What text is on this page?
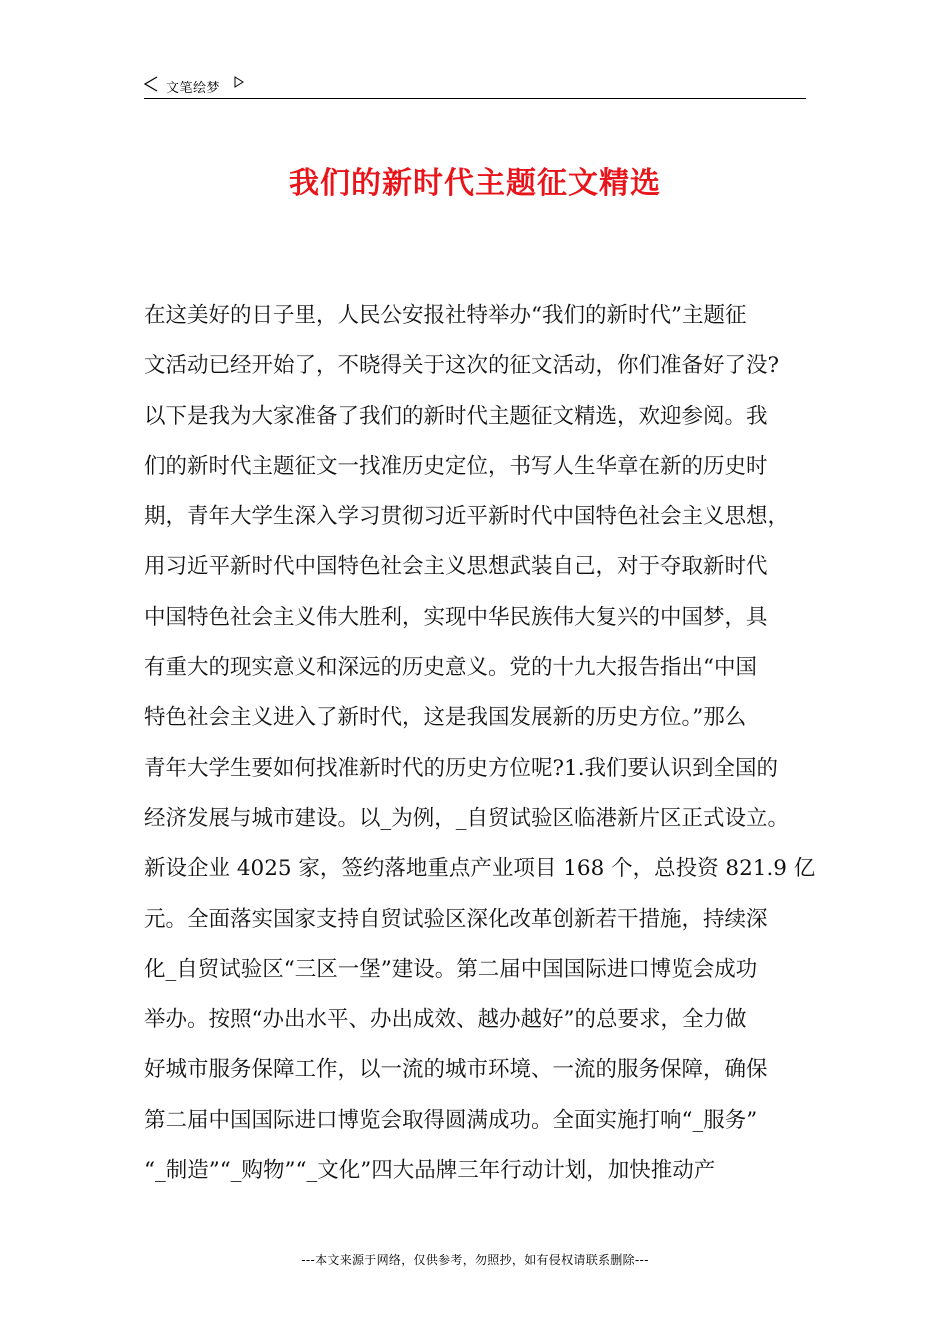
文笔绘梦
我们的新时代主题征文精选
在这美好的日子里，人民公安报社特举办“我们的新时代”主题征
文活动已经开始了，不晓得关于这次的征文活动，你们准备好了没?
以下是我为大家准备了我们的新时代主题征文精选，欢迎参阅。我
们的新时代主题征文一找准历史定位，书写人生华章在新的历史时
期，青年大学生深入学习贯彻习近平新时代中国特色社会主义思想，
用习近平新时代中国特色社会主义思想武装自己，对于夺取新时代
中国特色社会主义伟大胜利，实现中华民族伟大复兴的中国梦，具
有重大的现实意义和深远的历史意义。党的十九大报告指出“中国
特色社会主义进入了新时代，这是我国发展新的历史方位。”那么
青年大学生要如何找准新时代的历史方位呢?1.我们要认识到全国的
经济发展与城市建设。以_为例，_自贸试验区临港新片区正式设立。
新设企业 4025 家，签约落地重点产业项目 168 个，总投资 821.9 亿
元。全面落实国家支持自贸试验区深化改革创新若干措施，持续深
化_自贸试验区“三区一堡”建设。第二届中国国际进口博览会成功
举办。按照“办出水平、办出成效、越办越好”的总要求，全力做
好城市服务保障工作，以一流的城市环境、一流的服务保障，确保
第二届中国国际进口博览会取得圆满成功。全面实施打响“_服务”
“_制造”“_购物”“_文化”四大品牌三年行动计划，加快推动产
---本文来源于网络，仅供参考，勿照抄，如有侵权请联系删除---
